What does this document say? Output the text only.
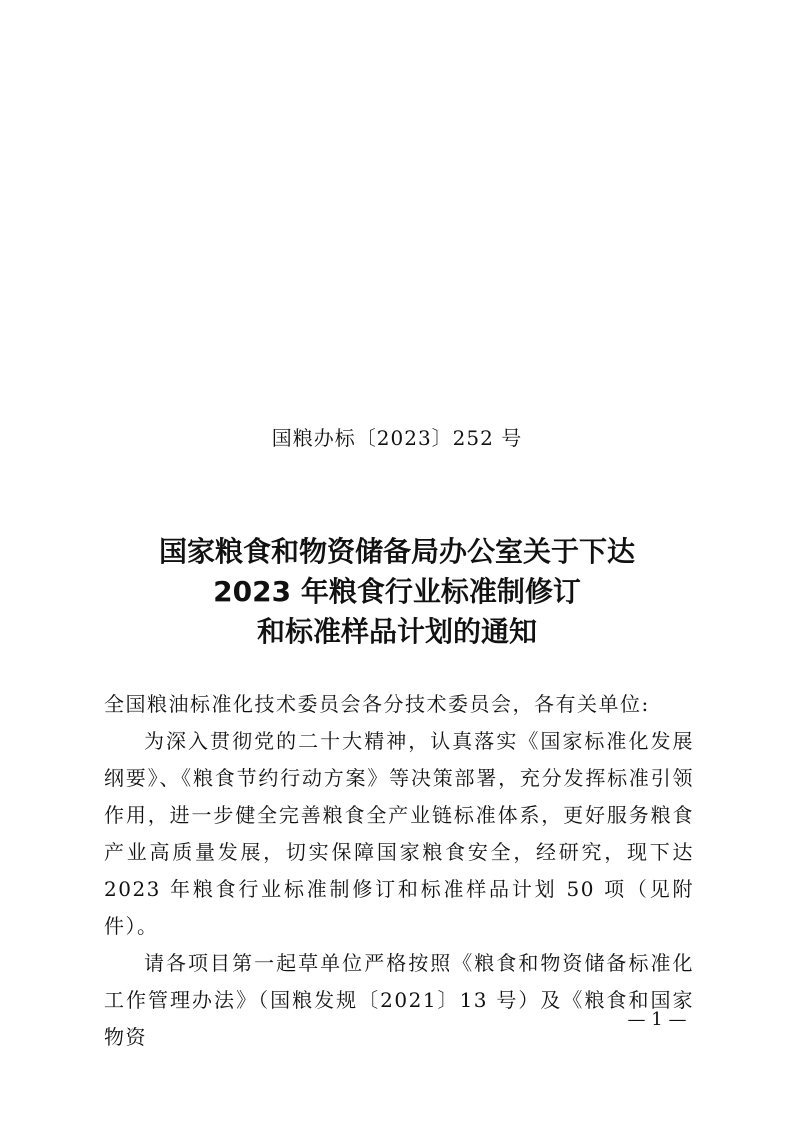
国粮办标〔2023〕252 号
国家粮食和物资储备局办公室关于下达
2023 年粮食行业标准制修订
和标准样品计划的通知

全国粮油标准化技术委员会各分技术委员会，各有关单位:

为深入贯彻党的二十大精神，认真落实《国家标准化发展纲要》、《粮食节约行动方案》等决策部署，充分发挥标准引领作用，进一步健全完善粮食全产业链标准体系，更好服务粮食产业高质量发展，切实保障国家粮食安全，经研究，现下达 2023 年粮食行业标准制修订和标准样品计划 50 项（见附件）。

请各项目第一起草单位严格按照《粮食和物资储备标准化工作管理办法》（国粮发规〔2021〕13 号）及《粮食和国家物资

— 1 —
